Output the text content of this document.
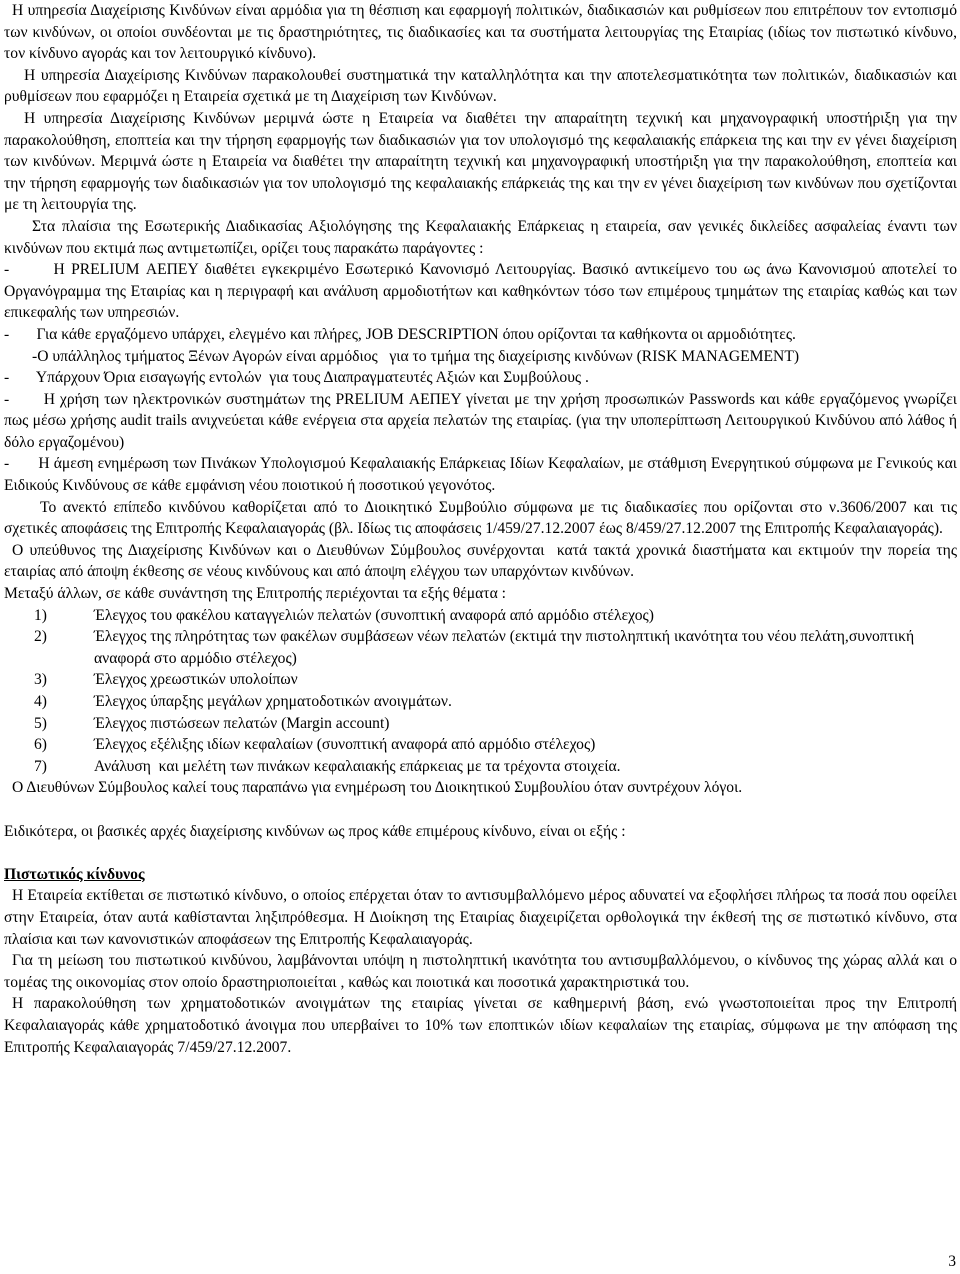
Η υπηρεσία Διαχείρισης Κινδύνων είναι αρμόδια για τη θέσπιση και εφαρμογή πολιτικών, διαδικασιών και ρυθμίσεων που επιτρέπουν τον εντοπισμό των κινδύνων, οι οποίοι συνδέονται με τις δραστηριότητες, τις διαδικασίες και τα συστήματα λειτουργίας της Εταιρίας (ιδίως τον πιστωτικό κίνδυνο, τον κίνδυνο αγοράς και τον λειτουργικό κίνδυνο).

Η υπηρεσία Διαχείρισης Κινδύνων παρακολουθεί συστηματικά την καταλληλότητα και την αποτελεσματικότητα των πολιτικών, διαδικασιών και ρυθμίσεων που εφαρμόζει η Εταιρεία σχετικά με τη Διαχείριση των Κινδύνων.

Η υπηρεσία Διαχείρισης Κινδύνων μεριμνά ώστε η Εταιρεία να διαθέτει την απαραίτητη τεχνική και μηχανογραφική υποστήριξη για την παρακολούθηση, εποπτεία και την τήρηση εφαρμογής των διαδικασιών για τον υπολογισμό της κεφαλαιακής επάρκεια της και την εν γένει διαχείριση των κινδύνων. Μεριμνά ώστε η Εταιρεία να διαθέτει την απαραίτητη τεχνική και μηχανογραφική υποστήριξη για την παρακολούθηση, εποπτεία και την τήρηση εφαρμογής των διαδικασιών για τον υπολογισμό της κεφαλαιακής επάρκειάς της και την εν γένει διαχείριση των κινδύνων που σχετίζονται με τη λειτουργία της.

Στα πλαίσια της Εσωτερικής Διαδικασίας Αξιολόγησης της Κεφαλαιακής Επάρκειας η εταιρεία, σαν γενικές δικλείδες ασφαλείας έναντι των κινδύνων που εκτιμά πως αντιμετωπίζει, ορίζει τους παρακάτω παράγοντες :

-       Η PRELIUM ΑΕΠΕΥ διαθέτει εγκεκριμένο Εσωτερικό Κανονισμό Λειτουργίας. Βασικό αντικείμενο του ως άνω Κανονισμού αποτελεί το Οργανόγραμμα της Εταιρίας και η περιγραφή και ανάλυση αρμοδιοτήτων και καθηκόντων τόσο των επιμέρους τμημάτων της εταιρίας καθώς και των επικεφαλής των υπηρεσιών.

-       Για κάθε εργαζόμενο υπάρχει, ελεγμένο και πλήρες, JOB DESCRIPTION όπου ορίζονται τα καθήκοντα οι αρμοδιότητες.

-Ο υπάλληλος τμήματος Ξένων Αγορών είναι αρμόδιος   για το τμήμα της διαχείρισης κινδύνων (RISK MANAGEMENT)

-       Υπάρχουν Όρια εισαγωγής εντολών  για τους Διαπραγματευτές Αξιών και Συμβούλους .

-       Η χρήση των ηλεκτρονικών συστημάτων της PRELIUM ΑΕΠΕΥ γίνεται με την χρήση προσωπικών Passwords και κάθε εργαζόμενος γνωρίζει πως μέσω χρήσης audit trails ανιχνεύεται κάθε ενέργεια στα αρχεία πελατών της εταιρίας. (για την υποπερίπτωση Λειτουργικού Κινδύνου από λάθος ή δόλο εργαζομένου)

-       Η άμεση ενημέρωση των Πινάκων Υπολογισμού Κεφαλαιακής Επάρκειας Ιδίων Κεφαλαίων, με στάθμιση Ενεργητικού σύμφωνα με Γενικούς και Ειδικούς Κινδύνους σε κάθε εμφάνιση νέου ποιοτικού ή ποσοτικού γεγονότος.

Το ανεκτό επίπεδο κινδύνου καθορίζεται από το Διοικητικό Συμβούλιο σύμφωνα με τις διαδικασίες που ορίζονται στο ν.3606/2007 και τις σχετικές αποφάσεις της Επιτροπής Κεφαλαιαγοράς (βλ. Ιδίως τις αποφάσεις 1/459/27.12.2007 έως 8/459/27.12.2007 της Επιτροπής Κεφαλαιαγοράς).

Ο υπεύθυνος της Διαχείρισης Κινδύνων και ο Διευθύνων Σύμβουλος συνέρχονται  κατά τακτά χρονικά διαστήματα και εκτιμούν την πορεία της εταιρίας από άποψη έκθεσης σε νέους κινδύνους και από άποψη ελέγχου των υπαρχόντων κινδύνων.

Μεταξύ άλλων, σε κάθε συνάντηση της Επιτροπής περιέχονται τα εξής θέματα :

1)	Έλεγχος του φακέλου καταγγελιών πελατών (συνοπτική αναφορά από αρμόδιο στέλεχος)
2)	Έλεγχος της πληρότητας των φακέλων συμβάσεων νέων πελατών (εκτιμά την πιστοληπτική ικανότητα του νέου πελάτη,συνοπτική αναφορά στο αρμόδιο στέλεχος)
3)	Έλεγχος χρεωστικών υπολοίπων
4)	Έλεγχος ύπαρξης μεγάλων χρηματοδοτικών ανοιγμάτων.
5)	Έλεγχος πιστώσεων πελατών (Margin account)
6)	Έλεγχος εξέλιξης ιδίων κεφαλαίων (συνοπτική αναφορά από αρμόδιο στέλεχος)
7)	Ανάλυση  και μελέτη των πινάκων κεφαλαιακής επάρκειας με τα τρέχοντα στοιχεία.

Ο Διευθύνων Σύμβουλος καλεί τους παραπάνω για ενημέρωση του Διοικητικού Συμβουλίου όταν συντρέχουν λόγοι.

Ειδικότερα, οι βασικές αρχές διαχείρισης κινδύνων ως προς κάθε επιμέρους κίνδυνο, είναι οι εξής :

Πιστωτικός κίνδυνος

Η Εταιρεία εκτίθεται σε πιστωτικό κίνδυνο, ο οποίος επέρχεται όταν το αντισυμβαλλόμενο μέρος αδυνατεί να εξοφλήσει πλήρως τα ποσά που οφείλει στην Εταιρεία, όταν αυτά καθίστανται ληξιπρόθεσμα. Η Διοίκηση της Εταιρίας διαχειρίζεται ορθολογικά την έκθεσή της σε πιστωτικό κίνδυνο, στα πλαίσια και των κανονιστικών αποφάσεων της Επιτροπής Κεφαλαιαγοράς.

Για τη μείωση του πιστωτικού κινδύνου, λαμβάνονται υπόψη η πιστοληπτική ικανότητα του αντισυμβαλλόμενου, ο κίνδυνος της χώρας αλλά και ο τομέας της οικονομίας στον οποίο δραστηριοποιείται , καθώς και ποιοτικά και ποσοτικά χαρακτηριστικά του.

Η παρακολούθηση των χρηματοδοτικών ανοιγμάτων της εταιρίας γίνεται σε καθημερινή βάση, ενώ γνωστοποιείται προς την Επιτροπή Κεφαλαιαγοράς κάθε χρηματοδοτικό άνοιγμα που υπερβαίνει το 10% των εποπτικών ιδίων κεφαλαίων της εταιρίας, σύμφωνα με την απόφαση της Επιτροπής Κεφαλαιαγοράς 7/459/27.12.2007.

3
